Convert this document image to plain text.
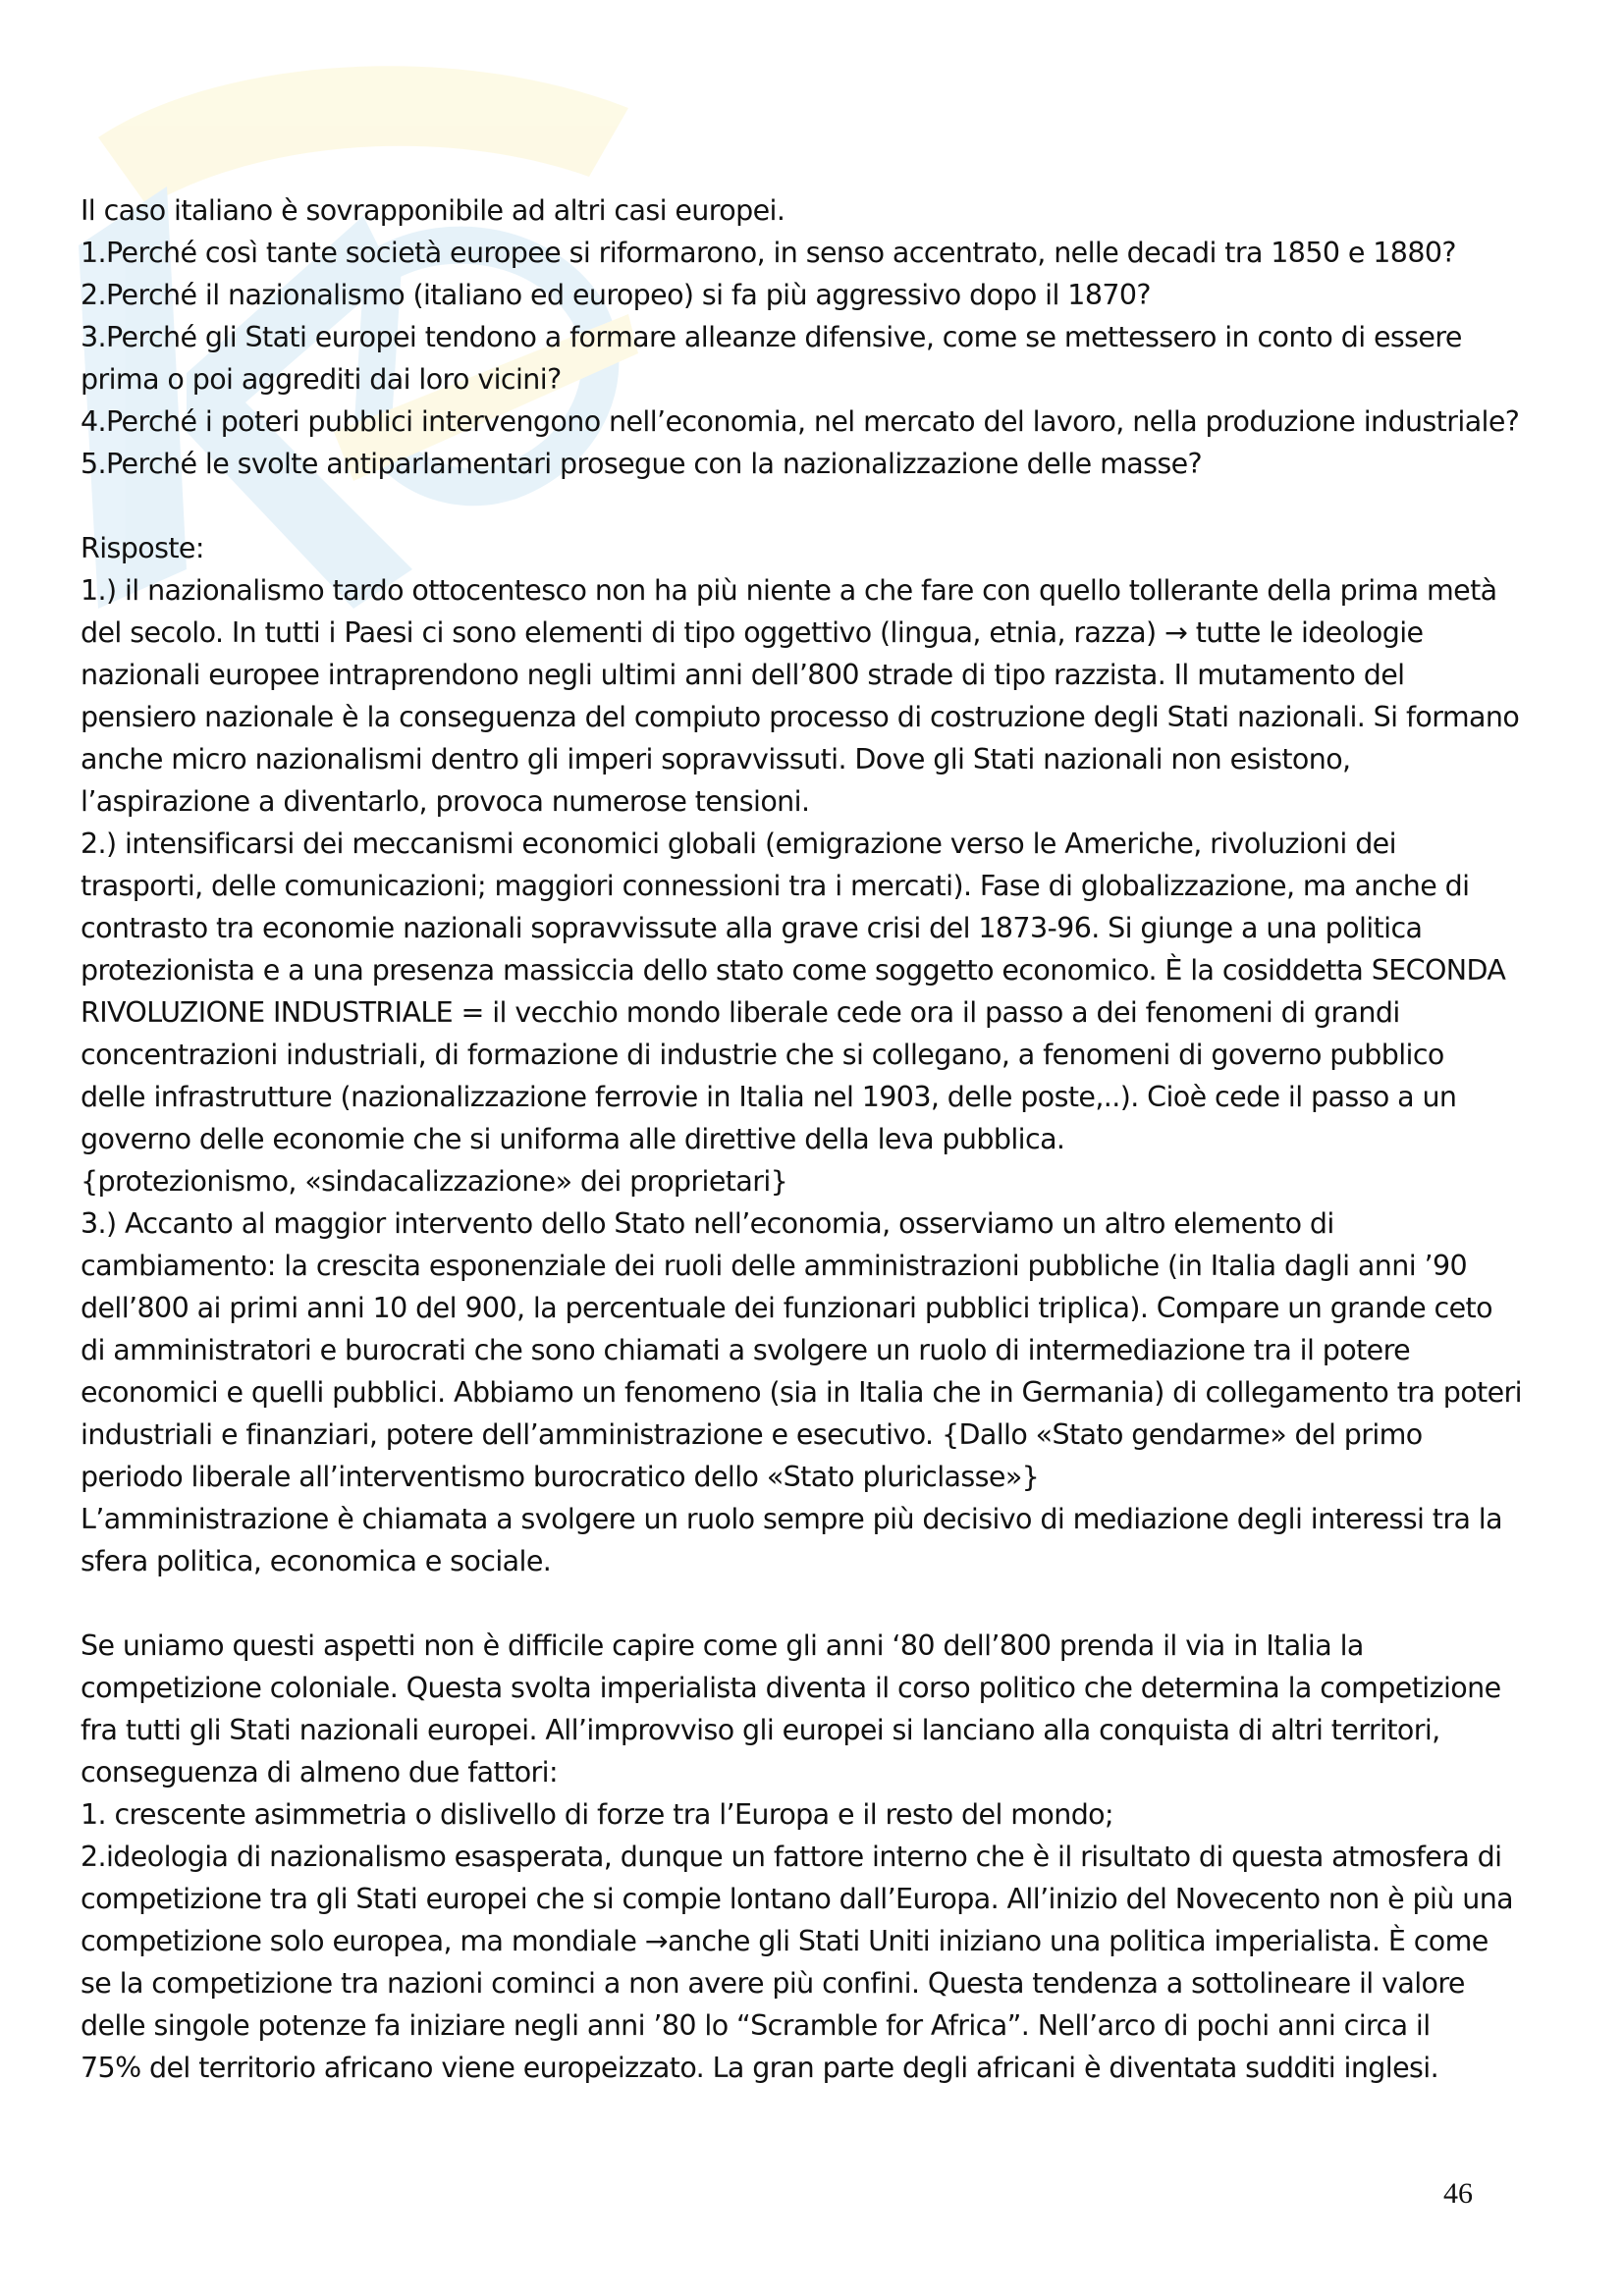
Il caso italiano è sovrapponibile ad altri casi europei.
1.Perché così tante società europee si riformarono, in senso accentrato, nelle decadi tra 1850 e 1880?
2.Perché il nazionalismo (italiano ed europeo) si fa più aggressivo dopo il 1870?
3.Perché gli Stati europei tendono a formare alleanze difensive, come se mettessero in conto di essere
prima o poi aggrediti dai loro vicini?
4.Perché i poteri pubblici intervengono nell’economia, nel mercato del lavoro, nella produzione industriale?
5.Perché le svolte antiparlamentari prosegue con la nazionalizzazione delle masse?
Risposte:
1.) il nazionalismo tardo ottocentesco non ha più niente a che fare con quello tollerante della prima metà
del secolo. In tutti i Paesi ci sono elementi di tipo oggettivo (lingua, etnia, razza) → tutte le ideologie
nazionali europee intraprendono negli ultimi anni dell’800 strade di tipo razzista. Il mutamento del
pensiero nazionale è la conseguenza del compiuto processo di costruzione degli Stati nazionali. Si formano
anche micro nazionalismi dentro gli imperi sopravvissuti. Dove gli Stati nazionali non esistono,
l’aspirazione a diventarlo, provoca numerose tensioni.
2.) intensificarsi dei meccanismi economici globali (emigrazione verso le Americhe, rivoluzioni dei
trasporti, delle comunicazioni; maggiori connessioni tra i mercati). Fase di globalizzazione, ma anche di
contrasto tra economie nazionali sopravvissute alla grave crisi del 1873-96. Si giunge a una politica
protezionista e a una presenza massiccia dello stato come soggetto economico. È la cosiddetta SECONDA
RIVOLUZIONE INDUSTRIALE = il vecchio mondo liberale cede ora il passo a dei fenomeni di grandi
concentrazioni industriali, di formazione di industrie che si collegano, a fenomeni di governo pubblico
delle infrastrutture (nazionalizzazione ferrovie in Italia nel 1903, delle poste,..). Cioè cede il passo a un
governo delle economie che si uniforma alle direttive della leva pubblica.
{protezionismo, «sindacalizzazione» dei proprietari}
3.) Accanto al maggior intervento dello Stato nell’economia, osserviamo un altro elemento di
cambiamento: la crescita esponenziale dei ruoli delle amministrazioni pubbliche (in Italia dagli anni ’90
dell’800 ai primi anni 10 del 900, la percentuale dei funzionari pubblici triplica). Compare un grande ceto
di amministratori e burocrati che sono chiamati a svolgere un ruolo di intermediazione tra il potere
economici e quelli pubblici. Abbiamo un fenomeno (sia in Italia che in Germania) di collegamento tra poteri
industriali e finanziari, potere dell’amministrazione e esecutivo. {Dallo «Stato gendarme» del primo
periodo liberale all’interventismo burocratico dello «Stato pluriclasse»}
L’amministrazione è chiamata a svolgere un ruolo sempre più decisivo di mediazione degli interessi tra la
sfera politica, economica e sociale.
Se uniamo questi aspetti non è difficile capire come gli anni ‘80 dell’800 prenda il via in Italia la
competizione coloniale. Questa svolta imperialista diventa il corso politico che determina la competizione
fra tutti gli Stati nazionali europei. All’improvviso gli europei si lanciano alla conquista di altri territori,
conseguenza di almeno due fattori:
1. crescente asimmetria o dislivello di forze tra l’Europa e il resto del mondo;
2.ideologia di nazionalismo esasperata, dunque un fattore interno che è il risultato di questa atmosfera di
competizione tra gli Stati europei che si compie lontano dall’Europa. All’inizio del Novecento non è più una
competizione solo europea, ma mondiale →anche gli Stati Uniti iniziano una politica imperialista. È come
se la competizione tra nazioni cominci a non avere più confini. Questa tendenza a sottolineare il valore
delle singole potenze fa iniziare negli anni ’80 lo “Scramble for Africa”. Nell’arco di pochi anni circa il
75% del territorio africano viene europeizzato. La gran parte degli africani è diventata sudditi inglesi.
46
